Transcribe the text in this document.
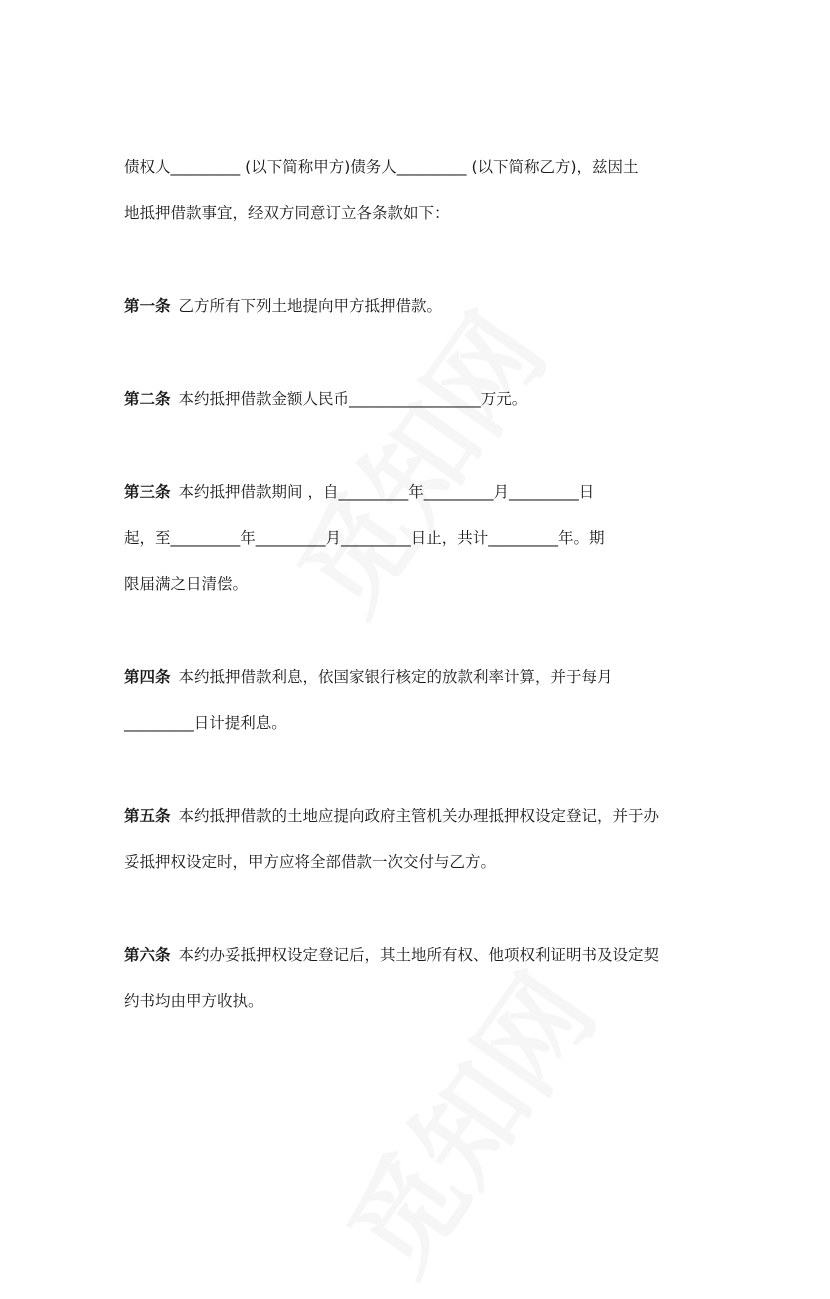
债权人_________ (以下简称甲方)债务人_________ (以下简称乙方)，兹因土
地抵押借款事宜，经双方同意订立各条款如下：
第一条 乙方所有下列土地提向甲方抵押借款。
第二条 本约抵押借款金额人民币_________________万元。
第三条 本约抵押借款期间 ，自_________年_________月_________日
起，至_________年_________月_________日止，共计_________年。期
限届满之日清偿。
第四条 本约抵押借款利息，依国家银行核定的放款利率计算，并于每月
_________日计提利息。
第五条 本约抵押借款的土地应提向政府主管机关办理抵押权设定登记，并于办
妥抵押权设定时，甲方应将全部借款一次交付与乙方。
第六条 本约办妥抵押权设定登记后，其土地所有权、他项权利证明书及设定契
约书均由甲方收执。
